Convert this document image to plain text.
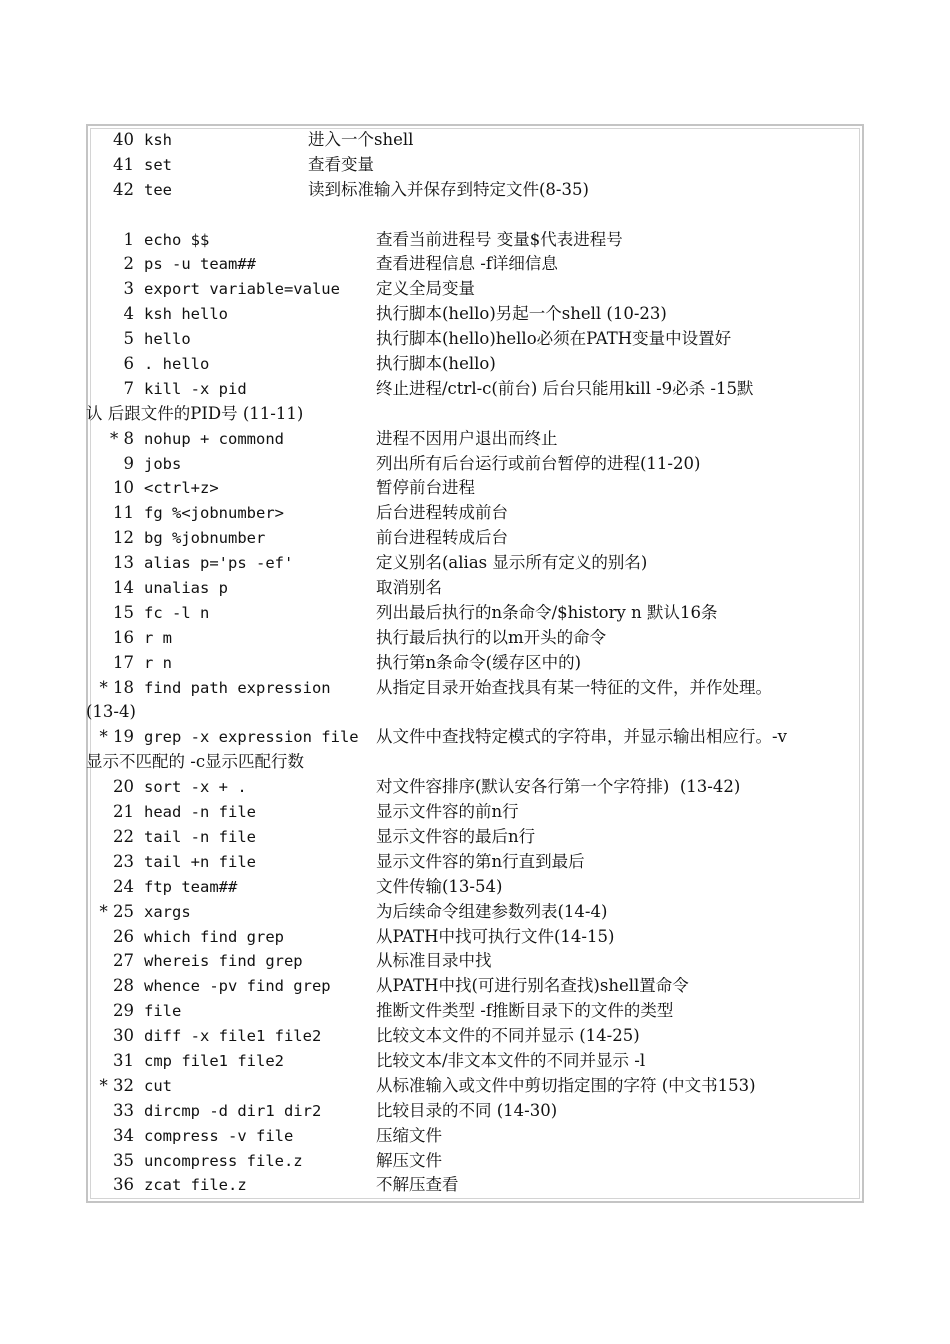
40 ksh	进入一个shell
41 set	查看变量
42 tee	读到标准输入并保存到特定文件(8-35)
1 echo $$	查看当前进程号 变量$代表进程号
2 ps -u team##	查看进程信息 -f详细信息
3 export variable=value 定义全局变量
4 ksh hello	执行脚本(hello)另起一个shell (10-23)
5 hello	执行脚本(hello)hello必须在PATH变量中设置好
6 . hello	执行脚本(hello)
7 kill -x pid	终止进程/ctrl-c(前台) 后台只能用kill -9必杀 -15默
认 后跟文件的PID号 (11-11)
* 8 nohup + commond	进程不因用户退出而终止
9 jobs	列出所有后台运行或前台暂停的进程(11-20)
10 <ctrl+z>	暂停前台进程
11 fg %<jobnumber>	后台进程转成前台
12 bg %jobnumber	前台进程转成后台
13 alias p='ps -ef'	定义别名(alias 显示所有定义的别名)
14 unalias p	取消别名
15 fc -l n	列出最后执行的n条命令/$history n 默认16条
16 r m	执行最后执行的以m开头的命令
17 r n	执行第n条命令(缓存区中的)
* 18 find path expression	从指定目录开始查找具有某一特征的文件，并作处理。
(13-4)
* 19 grep -x expression file 从文件中查找特定模式的字符串，并显示输出相应行。-v
显示不匹配的 -c显示匹配行数
20 sort -x + .	对文件容排序(默认安各行第一个字符排)  (13-42)
21 head -n file	显示文件容的前n行
22 tail -n file	显示文件容的最后n行
23 tail +n file	显示文件容的第n行直到最后
24 ftp team##	文件传输(13-54)
* 25 xargs	为后续命令组建参数列表(14-4)
26 which find grep	从PATH中找可执行文件(14-15)
27 whereis find grep	从标准目录中找
28 whence -pv find grep	从PATH中找(可进行别名查找)shell置命令
29 file	推断文件类型 -f推断目录下的文件的类型
30 diff -x file1 file2	比较文本文件的不同并显示 (14-25)
31 cmp file1 file2	比较文本/非文本文件的不同并显示 -l
* 32 cut	从标准输入或文件中剪切指定围的字符 (中文书153)
33 dircmp -d dir1 dir2	比较目录的不同 (14-30)
34 compress -v file	压缩文件
35 uncompress file.z	解压文件
36 zcat file.z	不解压查看
